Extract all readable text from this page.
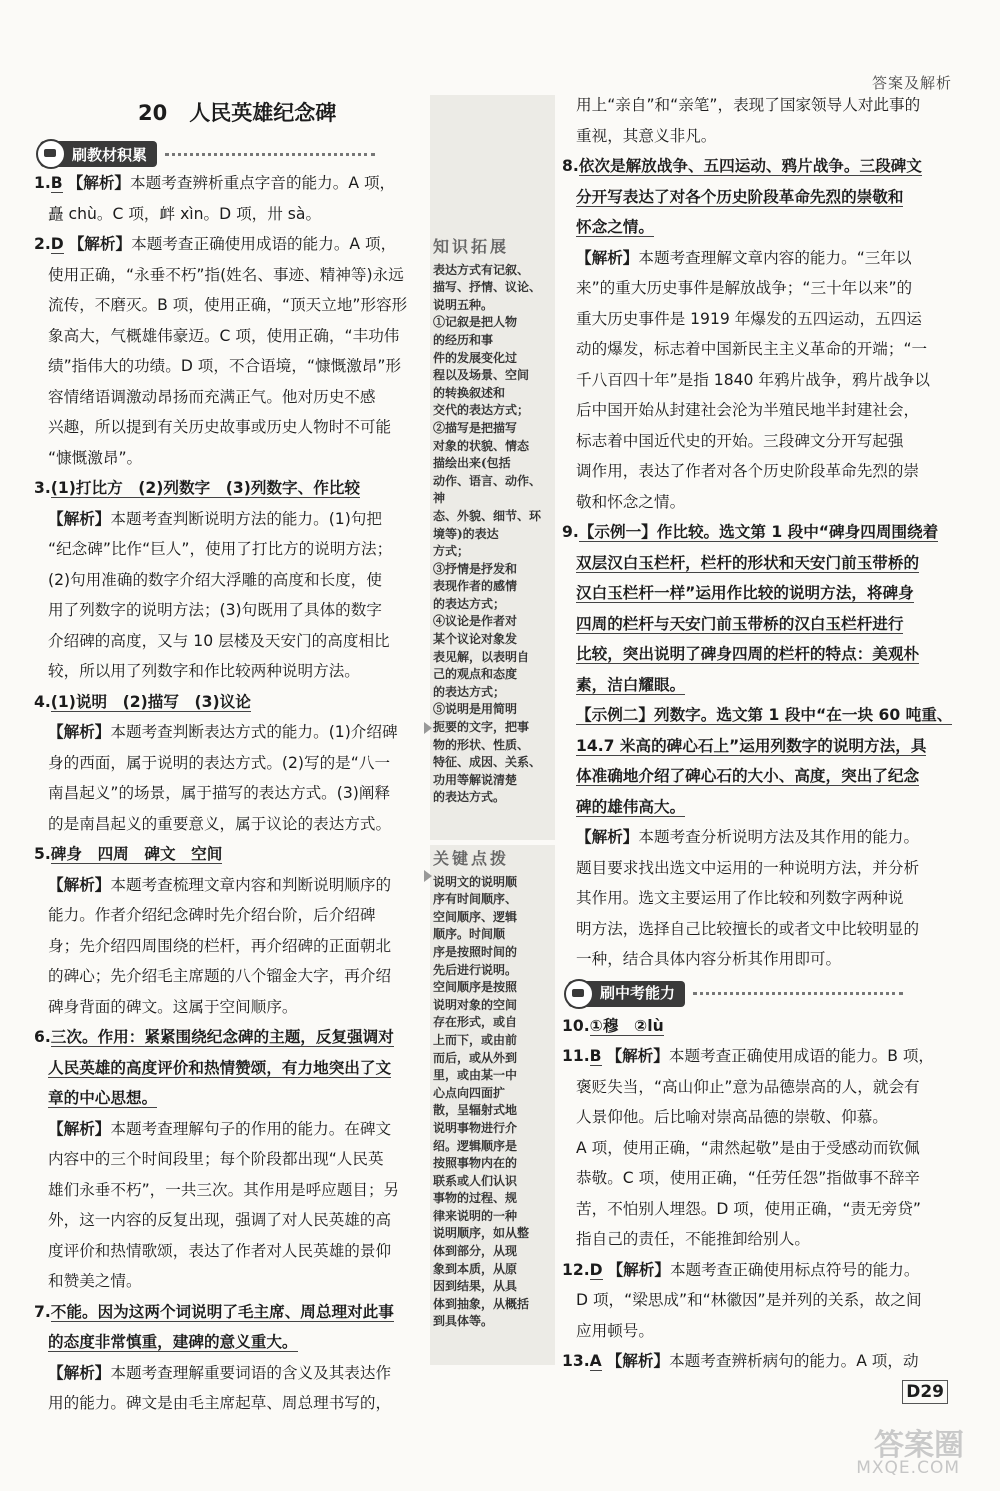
答案及解析
20 人民英雄纪念碑
刷教材积累
1.B 【解析】本题考查辨析重点字音的能力。A 项，
矗 chù。C 项，衅 xìn。D 项，卅 sà。
2.D 【解析】本题考查正确使用成语的能力。A 项，
使用正确，“永垂不朽”指(姓名、事迹、精神等)永远
流传，不磨灭。B 项，使用正确，“顶天立地”形容形
象高大，气概雄伟豪迈。C 项，使用正确，“丰功伟
绩”指伟大的功绩。D 项，不合语境，“慷慨激昂”形
容情绪语调激动昂扬而充满正气。他对历史不感
兴趣，所以提到有关历史故事或历史人物时不可能
“慷慨激昂”。
3.(1)打比方　(2)列数字　(3)列数字、作比较
【解析】本题考查判断说明方法的能力。(1)句把
“纪念碑”比作“巨人”，使用了打比方的说明方法；
(2)句用准确的数字介绍大浮雕的高度和长度，使
用了列数字的说明方法；(3)句既用了具体的数字
介绍碑的高度，又与 10 层楼及天安门的高度相比
较，所以用了列数字和作比较两种说明方法。
4.(1)说明　(2)描写　(3)议论
【解析】本题考查判断表达方式的能力。(1)介绍碑
身的西面，属于说明的表达方式。(2)写的是“八一
南昌起义”的场景，属于描写的表达方式。(3)阐释
的是南昌起义的重要意义，属于议论的表达方式。
5.碑身　四周　碑文　空间
【解析】本题考查梳理文章内容和判断说明顺序的
能力。作者介绍纪念碑时先介绍台阶，后介绍碑
身；先介绍四周围绕的栏杆，再介绍碑的正面朝北
的碑心；先介绍毛主席题的八个镏金大字，再介绍
碑身背面的碑文。这属于空间顺序。
6.三次。作用：紧紧围绕纪念碑的主题，反复强调对
人民英雄的高度评价和热情赞颂，有力地突出了文
章的中心思想。
【解析】本题考查理解句子的作用的能力。在碑文
内容中的三个时间段里；每个阶段都出现“人民英
雄们永垂不朽”，一共三次。其作用是呼应题目；另
外，这一内容的反复出现，强调了对人民英雄的高
度评价和热情歌颂，表达了作者对人民英雄的景仰
和赞美之情。
7.不能。因为这两个词说明了毛主席、周总理对此事
的态度非常慎重，建碑的意义重大。
【解析】本题考查理解重要词语的含义及其表达作
用的能力。碑文是由毛主席起草、周总理书写的，
知识拓展
表达方式有记叙、
描写、抒情、议论、
说明五种。
①记叙是把人物
的经历和事
件的发展变化过
程以及场景、空间
的转换叙述和
交代的表达方式；
②描写是把描写
对象的状貌、情态
描绘出来(包括
动作、语言、动作、神
态、外貌、细节、环
境等)的表达
方式；
③抒情是抒发和
表现作者的感情
的表达方式；
④议论是作者对
某个议论对象发
表见解，以表明自
己的观点和态度
的表达方式；
⑤说明是用简明
扼要的文字，把事
物的形状、性质、
特征、成因、关系、
功用等解说清楚
的表达方式。
关键点拨
说明文的说明顺
序有时间顺序、
空间顺序、逻辑
顺序。时间顺
序是按照时间的
先后进行说明。
空间顺序是按照
说明对象的空间
存在形式，或自
上而下，或由前
而后，或从外到
里，或由某一中
心点向四面扩
散，呈辐射式地
说明事物进行介
绍。逻辑顺序是
按照事物内在的
联系或人们认识
事物的过程、规
律来说明的一种
说明顺序，如从整
体到部分，从现
象到本质，从原
因到结果，从具
体到抽象，从概括
到具体等。
用上“亲自”和“亲笔”，表现了国家领导人对此事的
重视，其意义非凡。
8.依次是解放战争、五四运动、鸦片战争。三段碑文
分开写表达了对各个历史阶段革命先烈的崇敬和
怀念之情。
【解析】本题考查理解文章内容的能力。“三年以
来”的重大历史事件是解放战争；“三十年以来”的
重大历史事件是 1919 年爆发的五四运动，五四运
动的爆发，标志着中国新民主主义革命的开端；“一
千八百四十年”是指 1840 年鸦片战争，鸦片战争以
后中国开始从封建社会沦为半殖民地半封建社会，
标志着中国近代史的开始。三段碑文分开写起强
调作用，表达了作者对各个历史阶段革命先烈的崇
敬和怀念之情。
9.【示例一】作比较。选文第 1 段中“碑身四周围绕着
双层汉白玉栏杆，栏杆的形状和天安门前玉带桥的
汉白玉栏杆一样”运用作比较的说明方法，将碑身
四周的栏杆与天安门前玉带桥的汉白玉栏杆进行
比较，突出说明了碑身四周的栏杆的特点：美观朴
素，洁白耀眼。
【示例二】列数字。选文第 1 段中“在一块 60 吨重、
14.7 米高的碑心石上”运用列数字的说明方法，具
体准确地介绍了碑心石的大小、高度，突出了纪念
碑的雄伟高大。
【解析】本题考查分析说明方法及其作用的能力。
题目要求找出选文中运用的一种说明方法，并分析
其作用。选文主要运用了作比较和列数字两种说
明方法，选择自己比较擅长的或者文中比较明显的
一种，结合具体内容分析其作用即可。
刷中考能力
10.①穆　②lù
11.B 【解析】本题考查正确使用成语的能力。B 项，
褒贬失当，“高山仰止”意为品德崇高的人，就会有
人景仰他。后比喻对崇高品德的崇敬、仰慕。
A 项，使用正确，“肃然起敬”是由于受感动而钦佩
恭敬。C 项，使用正确，“任劳任怨”指做事不辞辛
苦，不怕别人埋怨。D 项，使用正确，“责无旁贷”
指自己的责任，不能推卸给别人。
12.D 【解析】本题考查正确使用标点符号的能力。
D 项，“梁思成”和“林徽因”是并列的关系，故之间
应用顿号。
13.A 【解析】本题考查辨析病句的能力。A 项，动
D29
答案圈
MXQE.COM
